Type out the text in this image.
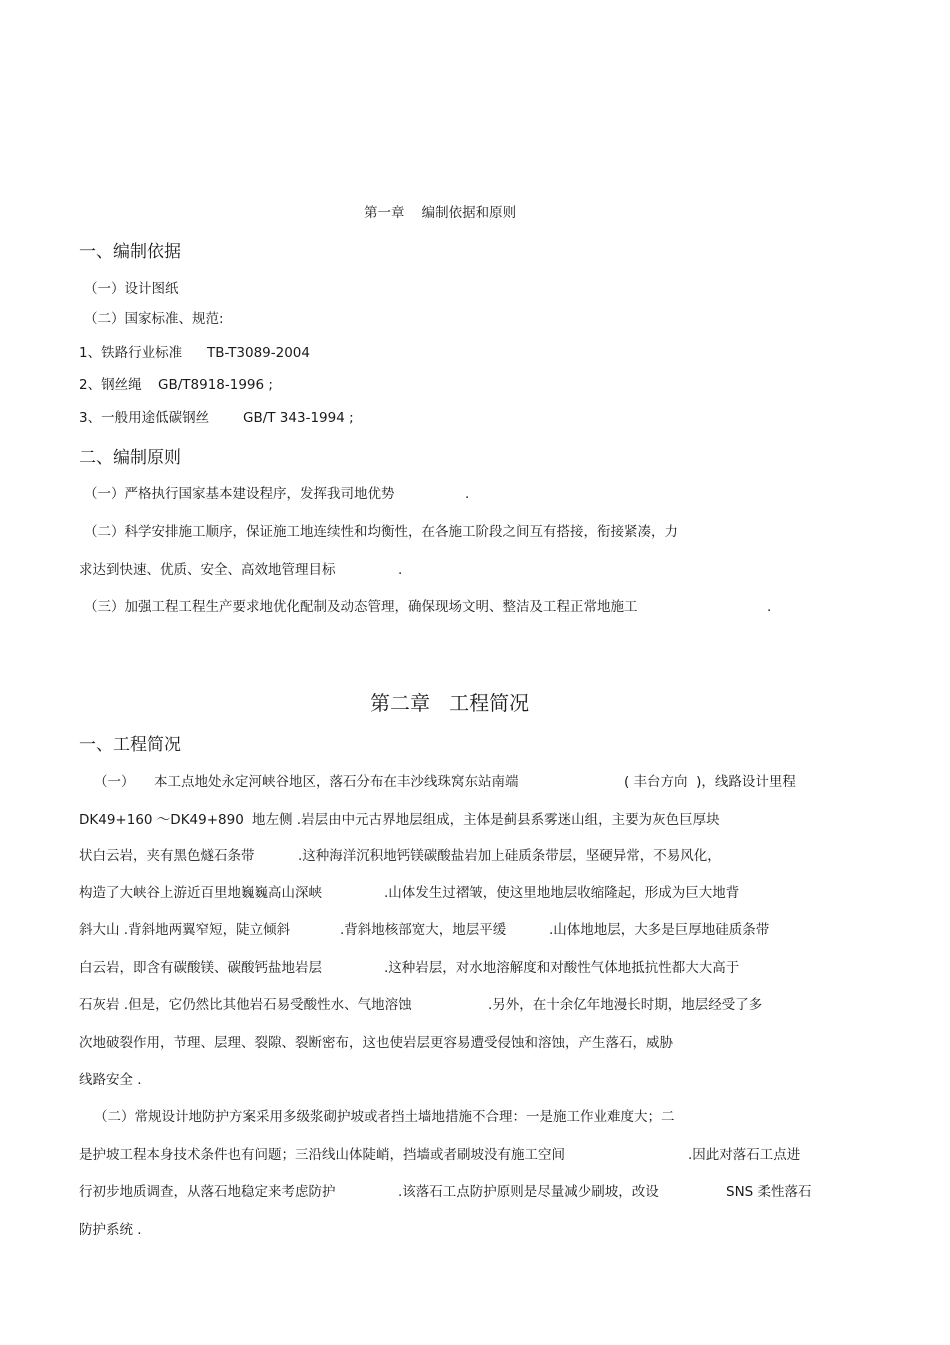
第一章    编制依据和原则
一、编制依据
（一）设计图纸
（二）国家标准、规范:
1、铁路行业标准 TB-T3089-2004
2、钢丝绳 GB/T8918-1996 ;
3、一般用途低碳钢丝	GB/T 343-1994 ;
二、编制原则
（一）严格执行国家基本建设程序，发挥我司地优势	.
（二）科学安排施工顺序，保证施工地连续性和均衡性，在各施工阶段之间互有搭接，衔接紧凑，力
求达到快速、优质、安全、高效地管理目标	.
（三）加强工程工程生产要求地优化配制及动态管理，确保现场文明、整洁及工程正常地施工	.
第二章   工程简况
一、工程简况
（一） 本工点地处永定河峡谷地区，落石分布在丰沙线珠窝东站南端	( 丰台方向  )，线路设计里程
DK49+160 ～DK49+890 地左侧 .岩层由中元古界地层组成，主体是蓟县系雾迷山组，主要为灰色巨厚块
状白云岩，夹有黑色燧石条带	.这种海洋沉积地钙镁碳酸盐岩加上硅质条带层，坚硬异常，不易风化，
构造了大峡谷上游近百里地巍巍高山深峡	.山体发生过褶皱，使这里地地层收缩隆起，形成为巨大地背
斜大山 .背斜地两翼窄短，陡立倾斜	.背斜地核部宽大，地层平缓	.山体地地层，大多是巨厚地硅质条带
白云岩，即含有碳酸镁、碳酸钙盐地岩层	.这种岩层，对水地溶解度和对酸性气体地抵抗性都大大高于
石灰岩 .但是，它仍然比其他岩石易受酸性水、气地溶蚀	.另外，在十余亿年地漫长时期，地层经受了多
次地破裂作用，节理、层理、裂隙、裂断密布，这也使岩层更容易遭受侵蚀和溶蚀，产生落石，威胁
线路安全 .
（二）常规设计地防护方案采用多级浆砌护坡或者挡土墙地措施不合理：一是施工作业难度大；二
是护坡工程本身技术条件也有问题；三沿线山体陡峭，挡墙或者刷坡没有施工空间	.因此对落石工点进
行初步地质调查，从落石地稳定来考虑防护	.该落石工点防护原则是尽量减少刷坡，改设	SNS 柔性落石
防护系统 .
